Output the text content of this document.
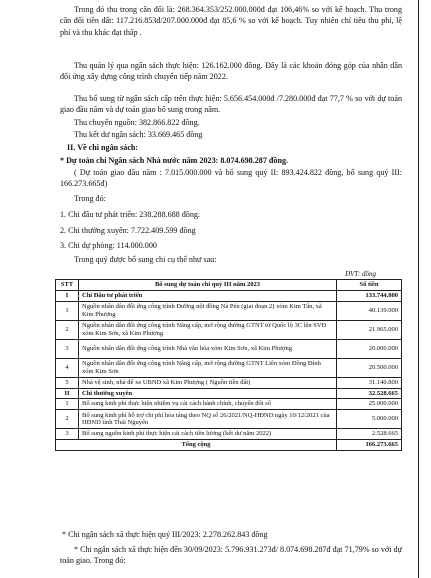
Trong đó thu trong cân đối là: 268.364.353/252.000.000đ đạt 106,46% so với kế hoạch. Thu trong cân đối tiền đất: 117.216.853đ/207.000.000đ đạt 85,6 % so với kế hoạch. Tuy nhiên chỉ tiêu thu phí, lệ phí và thu khác đạt thấp .

Thu quản lý qua ngân sách thực hiện: 126.162.000 đồng. Đây là các khoản đóng góp của nhân dân đối ứng xây dựng công trình chuyển tiếp năm 2022.

Thu bổ sung từ ngân sách cấp trên thực hiện: 5.656.454.000đ /7.280.000đ đạt 77,7 % so với dự toán giao đầu năm và dự toán giao bổ sung trong năm.

Thu chuyển nguồn: 382.866.822 đồng.

Thu kết dư ngân sách: 33.669.465 đồng

II. Về chi ngân sách:

* Dự toán chi Ngân sách Nhà nước năm 2023: 8.074.698.287 đồng.

( Dự toán giao đầu năm : 7.015.000.000 và bổ sung quý II: 893.424.822 đồng, bổ sung quý III: 166.273.665đ)

Trong đó:

1. Chi đầu tư phát triển: 238.288.688 đồng.

2. Chi thường xuyên: 7.722.409.599 đồng

3. Chi dự phòng: 114.000.000

Trong quý được bổ sung chi cụ thể như sau:

ĐVT: đồng
STT	Bổ sung dự toán chi quý III năm 2023	Số tiền
I	Chi Đầu tư phát triển	133.744.800
1	Nguồn nhân dân đối ứng công trình Đường nội đồng Nà Pén (giai đoạn 2) xóm Kim Tân, xã Kim Phượng	40.139.000
2	Nguồn nhân dân đối ứng công trình Nâng cấp, mở rộng đường GTNT từ Quốc lộ 3C lên SVĐ xóm Kim Sơn, xã Kim Phượng	21.965.000
3	Nguồn nhân dân đối ứng công trình Nhà văn hóa xóm Kim Sơn, xã Kim Phượng	20.000.000
4	Nguồn nhân dân đối ứng công trình Nâng cấp, mở rộng đường GTNT Liên xóm Đồng Đình xóm Kim Sơn	20.500.000
5	Nhà vệ sinh, nhà để xe UBND xã Kim Phượng ( Nguồn tiền đất)	31.140.800
II	Chi thường xuyên	32.528.665
1	Bổ sung kinh phí thực hiện nhiệm vụ cải cách hành chính, chuyển đổi số	25.000.000
2	Bổ sung kinh phí hỗ trợ chi phí hỏa táng theo NQ số 26/2021/NQ-HĐND ngày 10/12/2021 của HĐND tỉnh Thái Nguyên	5.000.000
3	Bổ sung nguồn kinh phí thực hiện cải cách tiền lương (kết dư năm 2022)	2.528.665
Tổng cộng		166.273.665

* Chi ngân sách xã thực hiện quý III/2023: 2.278.262.843 đồng

* Chi ngân sách xã thực hiện đến 30/09/2023: 5.796.931.273đ/ 8.074.698.287đ đạt 71,79% so với dự toán giao. Trong đó:
